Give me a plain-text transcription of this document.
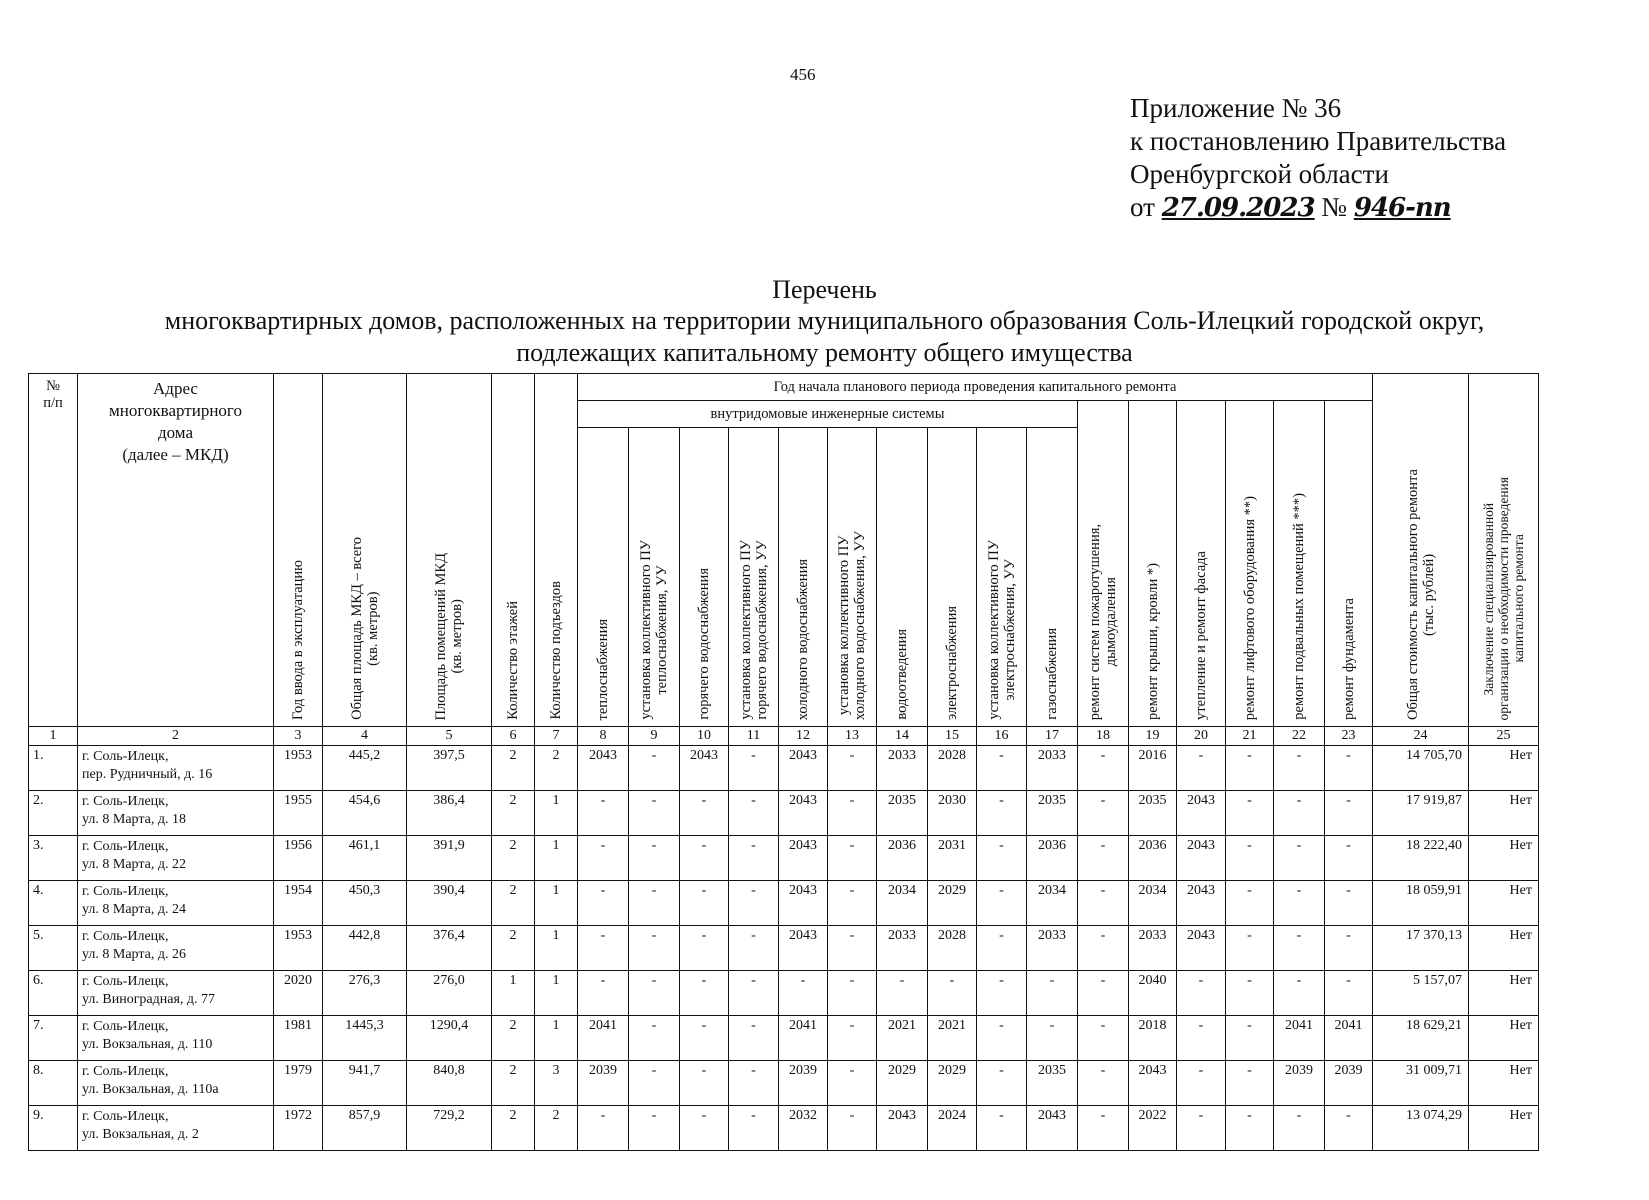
456
Приложение № 36
к постановлению Правительства
Оренбургской области
от 27.09.2023 № 946-пп
Перечень
многоквартирных домов, расположенных на территории муниципального образования Соль-Илецкий городской округ,
подлежащих капитальному ремонту общего имущества
№
п/п	Адрес
многоквартирного
дома
(далее – МКД)	Год ввода в эксплуатацию	Общая площадь МКД – всего
(кв. метров)	Площадь помещений МКД
(кв. метров)	Количество этажей	Количество подъездов	Год начала планового периода проведения капитального ремонта																Общая стоимость капитального ремонта
(тыс. рублей)	Заключение специализированной
организации о необходимости проведения
капитального ремонта

							внутридомовые инженерные системы										ремонт систем пожаротушения,
дымоудаления	ремонт крыши, кровли *)	утепление и ремонт фасада	ремонт лифтового оборудования **)	ремонт подвальных помещений ***)	ремонт фундамента		

							теплоснабжения	установка коллективного ПУ
теплоснабжения, УУ	горячего водоснабжения	установка коллективного ПУ
горячего водоснабжения, УУ	холодного водоснабжения	установка коллективного ПУ
холодного водоснабжения, УУ	водоотведения	электроснабжения	установка коллективного ПУ
электроснабжения, УУ	газоснабжения								

1	2	3	4	5	6	7	8	9	10	11	12	13	14	15	16	17	18	19	20	21	22	23	24	25
1.	г. Соль-Илецк,
пер. Рудничный, д. 16	1953	445,2	397,5	2	2	2043	-	2043	-	2043	-	2033	2028	-	2033	-	2016	-	-	-	-	14 705,70	Нет
2.	г. Соль-Илецк,
ул. 8 Марта, д. 18	1955	454,6	386,4	2	1	-	-	-	-	2043	-	2035	2030	-	2035	-	2035	2043	-	-	-	17 919,87	Нет
3.	г. Соль-Илецк,
ул. 8 Марта, д. 22	1956	461,1	391,9	2	1	-	-	-	-	2043	-	2036	2031	-	2036	-	2036	2043	-	-	-	18 222,40	Нет
4.	г. Соль-Илецк,
ул. 8 Марта, д. 24	1954	450,3	390,4	2	1	-	-	-	-	2043	-	2034	2029	-	2034	-	2034	2043	-	-	-	18 059,91	Нет
5.	г. Соль-Илецк,
ул. 8 Марта, д. 26	1953	442,8	376,4	2	1	-	-	-	-	2043	-	2033	2028	-	2033	-	2033	2043	-	-	-	17 370,13	Нет
6.	г. Соль-Илецк,
ул. Виноградная, д. 77	2020	276,3	276,0	1	1	-	-	-	-	-	-	-	-	-	-	-	2040	-	-	-	-	5 157,07	Нет
7.	г. Соль-Илецк,
ул. Вокзальная, д. 110	1981	1445,3	1290,4	2	1	2041	-	-	-	2041	-	2021	2021	-	-	-	2018	-	-	2041	2041	18 629,21	Нет
8.	г. Соль-Илецк,
ул. Вокзальная, д. 110а	1979	941,7	840,8	2	3	2039	-	-	-	2039	-	2029	2029	-	2035	-	2043	-	-	2039	2039	31 009,71	Нет
9.	г. Соль-Илецк,
ул. Вокзальная, д. 2	1972	857,9	729,2	2	2	-	-	-	-	2032	-	2043	2024	-	2043	-	2022	-	-	-	-	13 074,29	Нет
